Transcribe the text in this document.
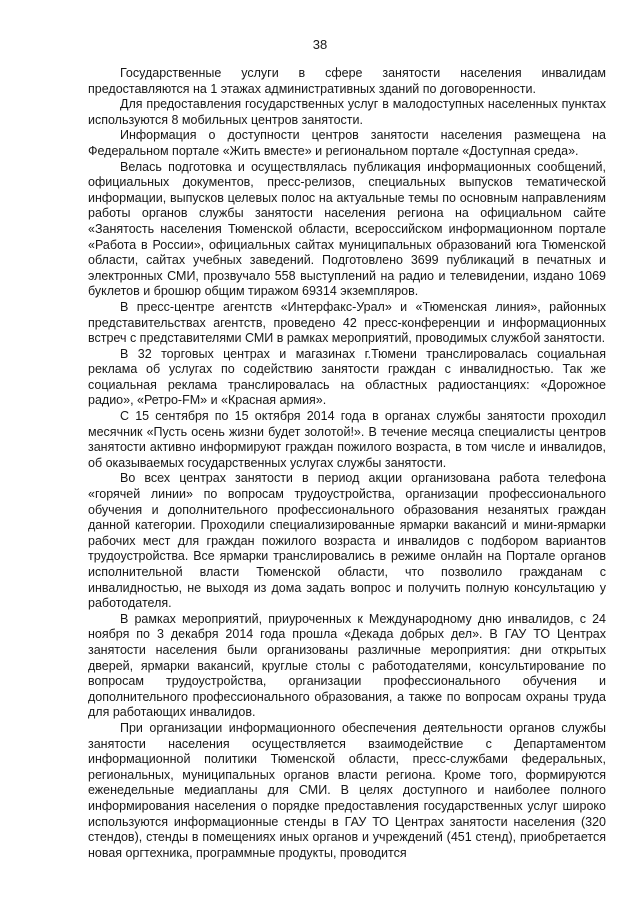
38

Государственные услуги в сфере занятости населения инвалидам предоставляются на 1 этажах административных зданий по договоренности.

Для предоставления государственных услуг в малодоступных населенных пунктах используются 8 мобильных центров занятости.

Информация о доступности центров занятости населения размещена на Федеральном портале «Жить вместе» и региональном портале «Доступная среда».

Велась подготовка и осуществлялась публикация информационных сообщений, официальных документов, пресс-релизов, специальных выпусков тематической информации, выпусков целевых полос на актуальные темы по основным направлениям работы органов службы занятости населения региона на официальном сайте «Занятость населения Тюменской области, всероссийском информационном портале «Работа в России», официальных сайтах муниципальных образований юга Тюменской области, сайтах учебных заведений. Подготовлено 3699 публикаций в печатных и электронных СМИ, прозвучало 558 выступлений на радио и телевидении, издано 1069 буклетов и брошюр общим тиражом 69314 экземпляров.

В пресс-центре агентств «Интерфакс-Урал» и «Тюменская линия», районных представительствах агентств, проведено 42 пресс-конференции и информационных встреч с представителями СМИ в рамках мероприятий, проводимых службой занятости.

В 32 торговых центрах и магазинах г.Тюмени транслировалась социальная реклама об услугах по содействию занятости граждан с инвалидностью. Так же социальная реклама транслировалась на областных радиостанциях: «Дорожное радио», «Ретро-FM» и «Красная армия».

С 15 сентября по 15 октября 2014 года в органах службы занятости проходил месячник «Пусть осень жизни будет золотой!». В течение месяца специалисты центров занятости активно информируют граждан пожилого возраста, в том числе и инвалидов, об оказываемых государственных услугах службы занятости.

Во всех центрах занятости в период акции организована работа телефона «горячей линии» по вопросам трудоустройства, организации профессионального обучения и дополнительного профессионального образования незанятых граждан данной категории. Проходили специализированные ярмарки вакансий и мини-ярмарки рабочих мест для граждан пожилого возраста и инвалидов с подбором вариантов трудоустройства. Все ярмарки транслировались в режиме онлайн на Портале органов исполнительной власти Тюменской области, что позволило гражданам с инвалидностью, не выходя из дома задать вопрос и получить полную консультацию у работодателя.

В рамках мероприятий, приуроченных к Международному дню инвалидов, с 24 ноября по 3 декабря 2014 года прошла «Декада добрых дел». В ГАУ ТО Центрах занятости населения были организованы различные мероприятия: дни открытых дверей, ярмарки вакансий, круглые столы с работодателями, консультирование по вопросам трудоустройства, организации профессионального обучения и дополнительного профессионального образования, а также по вопросам охраны труда для работающих инвалидов.

При организации информационного обеспечения деятельности органов службы занятости населения осуществляется взаимодействие с Департаментом информационной политики Тюменской области, пресс-службами федеральных, региональных, муниципальных органов власти региона. Кроме того, формируются еженедельные медиапланы для СМИ. В целях доступного и наиболее полного информирования населения о порядке предоставления государственных услуг широко используются информационные стенды в ГАУ ТО Центрах занятости населения (320 стендов), стенды в помещениях иных органов и учреждений (451 стенд), приобретается новая оргтехника, программные продукты, проводится
